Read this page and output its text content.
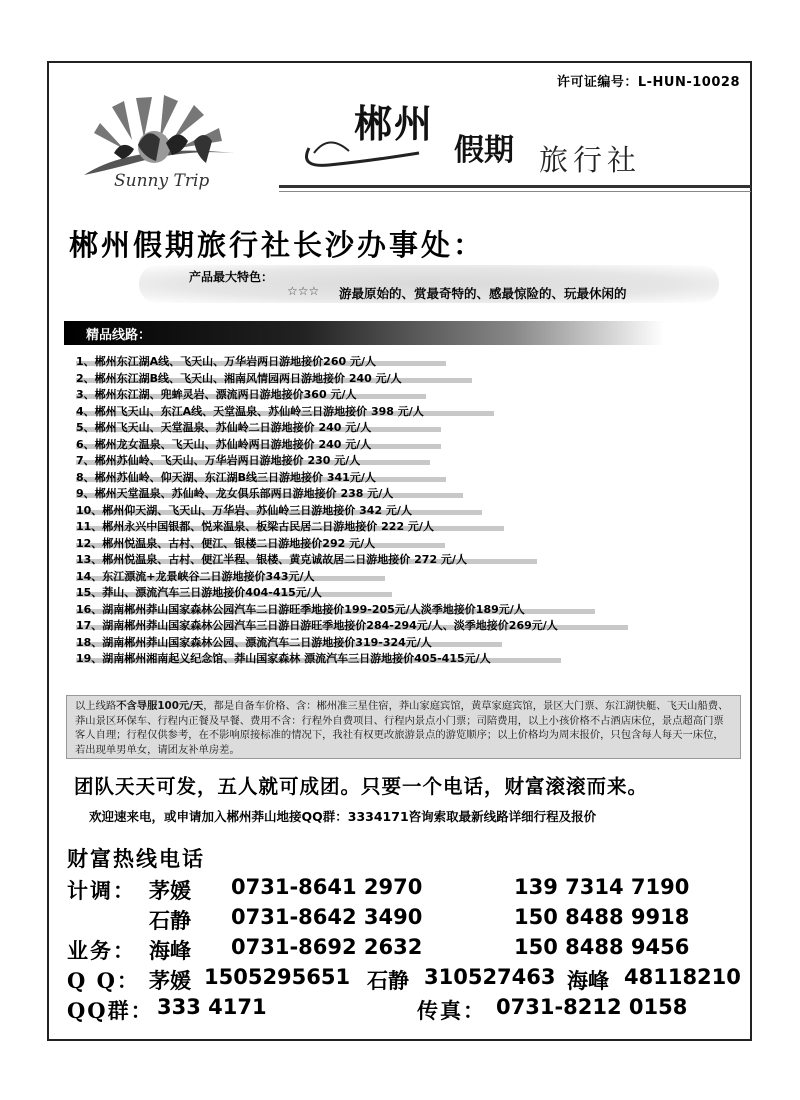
许可证编号：L-HUN-10028
Sunny Trip
郴州
假期 旅行社
郴州假期旅行社长沙办事处：
产品最大特色：
☆☆☆ 游最原始的、赏最奇特的、感最惊险的、玩最休闲的
精品线路：
1、郴州东江湖A线、飞天山、万华岩两日游地接价260 元/人
2、郴州东江湖B线、飞天山、湘南风情园两日游地接价 240 元/人
3、郴州东江湖、兜蛑灵岩、漂流两日游地接价360 元/人
4、郴州飞天山、东江A线、天堂温泉、苏仙岭三日游地接价 398 元/人
5、郴州飞天山、天堂温泉、苏仙岭二日游地接价 240 元/人
6、郴州龙女温泉、飞天山、苏仙岭两日游地接价 240 元/人
7、郴州苏仙岭、飞天山、万华岩两日游地接价 230 元/人
8、郴州苏仙岭、仰天湖、东江湖B线三日游地接价 341元/人
9、郴州天堂温泉、苏仙岭、龙女俱乐部两日游地接价 238 元/人
10、郴州仰天湖、飞天山、万华岩、苏仙岭三日游地接价 342 元/人
11、郴州永兴中国银都、悦来温泉、板梁古民居二日游地接价 222 元/人
12、郴州悦温泉、古村、便江、银楼二日游地接价292 元/人
13、郴州悦温泉、古村、便江半程、银楼、黄克诚故居二日游地接价 272 元/人
14、东江漂流+龙景峡谷二日游地接价343元/人
15、莽山、漂流汽车三日游地接价404-415元/人
16、湖南郴州莽山国家森林公园汽车二日游旺季地接价199-205元/人淡季地接价189元/人
17、湖南郴州莽山国家森林公园汽车三日游日游旺季地接价284-294元/人、淡季地接价269元/人
18、湖南郴州莽山国家森林公园、漂流汽车二日游地接价319-324元/人
19、湖南郴州湘南起义纪念馆、莽山国家森林 漂流汽车三日游地接价405-415元/人
以上线路不含导服100元/天，都是自备车价格、含：郴州准三星住宿，莽山家庭宾馆，黄草家庭宾馆，景区大门票、东江湖快艇、飞天山船费、莽山景区环保车、行程内正餐及早餐、费用不含：行程外自费项目、行程内景点小门票；司陪费用，以上小孩价格不占酒店床位，景点超高门票客人自理；行程仅供参考，在不影响原接标准的情况下，我社有权更改旅游景点的游览顺序；以上价格均为周末报价，只包含每人每天一床位，若出现单男单女，请团友补单房差。
团队天天可发，五人就可成团。只要一个电话，财富滚滚而来。
欢迎速来电，或申请加入郴州莽山地接QQ群：3334171咨询索取最新线路详细行程及报价
财富热线电话
计调： 茅媛 0731-8641 2970	139 7314 7190
石静 0731-8642 3490	150 8488 9918
业务： 海峰 0731-8692 2632	150 8488 9456
Q Q： 茅媛 1505295651 石静 310527463 海峰 48118210
QQ群： 333 4171	传真： 0731-8212 0158
